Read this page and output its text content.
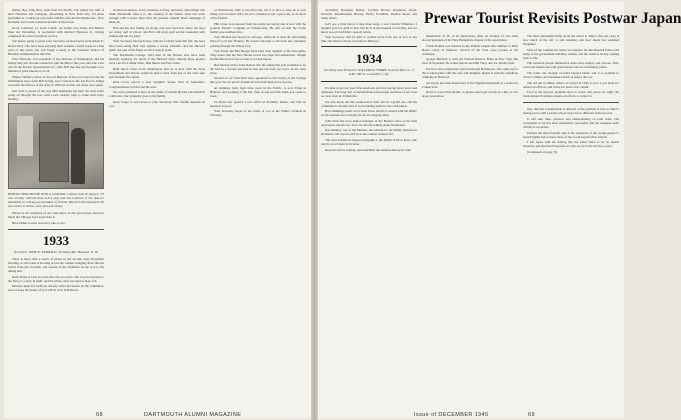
family, Bos, Fing Rice, both from the Pacific, late joined the staff of Kurt Newman and Company, advertising in New York City. Ed Allen (erstwhile Lt. Comdr.) is now back with his wife and Ski Bennet Inc., New Rochelle, and on his Connecticut farm in Newtown.

Kerry Connonal, Lt. Kent Comdr., Al Saddy, Lee Arlen, and Heinzy Mak last December, is reoriented with Richard Harrison Jr., having completed six years in military service.

Just before going to press your Secretary received news from Albert E. Royal Navy who have been enjoying their wartime coastal scene in a fine yarn of this leave. He will begin a study at the Graduate School of Business Administration this Fall.

Fred Vanstone, vice president of the Institute of Washington, and his family may just become connected with the Mirror this year, and who soon will be the Boston representative of a fine firm that has just brought out a bulletin of great interest to us all.

Whitey Wilder's retrial of the old Hanover School in Concord and the Washington news from Bill Spring, now Captain in the Air Forces, brings word that the fellows of the class of 1930 are at their old tricks once again.

Our class is proud of the way Milt Kaminsky has kept the class letter going all through the war, with a new address page to come with every mailing.

BEHOLD THAT HOUSE NOW A CIVILIAN: Colonel John W. Spencer '33 was recently relieved from active duty and has returned to the Spencer plantation in Chicago as president of Scheme Research Incorporated. He now writes to Arline, sons Jack and Jimmy.

Please let the members of our class know of this good news, and how much the Chicago boys appreciate it.

Best wishes to each and every one of you.

1933
Secretary, JOHN E. FERNALD, 40 Valley Rd., Hanover, N. H.

There is more than a touch of winter in the air this crisp November morning. A cold wind is blowing across the campus bringing down the last leaves from the old elms, and squeals of the freshmen on the way to the dining hall.

Rudy Klaus is back in town after the war years. The way he returned to the Navy is a story in itself, and the whole class was glad to hear of it.

Reunion plans for 1948 are already under discussion by the committee, and we hope that many of you will be back in Hanover.

civilian excellence, every executive activity, and more often things that make Dartmouth what it is: the opening of the Winter Term last week brought with it more signs than the greatest Alumni Fund campaign of them all.

Bob and his new family are living over near Norwich, where the boys are doing well at school, and Bob still plays golf on the weekends with Judson and the old gang.

Your Secretary has been busy with the football team this fall; the boys have been doing their best against a strong schedule, and the Harvard game was one of the finest we have seen in years.

The Dartmouth College 1933 men in the Boston area have been meeting regularly for lunch at the Harvard Club. Among those present were Len Ford, Hank Elliot, Bud Morse and Pete Grant.

Ham Wood writes from Washington that he is now with the State Department and that he would be glad to hear from any of the class who pass through the capital.

Dick Lucas reports a new daughter, Susan, born in September. Congratulations to Dick and his wife.

We were saddened to hear of the death of Charlie Brooks last month in California. Our sympathy goes to his family.

Don't forget to send news to your Secretary; this column depends on you.

of Westchester. This is the third son, but it is nice to hear he is now doing well at school. After all, he's a Democrat and a good one, as are most of his friends.

Phil Crane was released from the Army last spring and is now with the General Electric Company in Schenectady. He tells us that the Crane family now numbers five.

Tom Sheldon has moved to Chicago, where he is with the advertising firm of Lord and Thomas. He would welcome a call from any classmate passing through the Windy City.

Jack Ferris and Bill Hooper have been seen together at the Yale game. They report that the New Haven crowd was large and enthusiastic, though Dartmouth did not fare as well as we had hoped.

Bud Norton writes from Denver that the skiing this year promises to be the best in a decade and that he has already been out twice on the early snow.

Several of our class have been appointed to the faculty of the College this year. We are proud of them all and wish them every success.

Al Jennings, back from three years in the Pacific, is now living in Hanover and working at the Inn. Stop in and see him when you come to town.

Ed Rowe has opened a law office in Portland, Maine, and tells us business is good.

Your Secretary hopes to see many of you at the Winter Carnival in February.

68	DARTMOUTH ALUMNI MAGAZINE

Secondary Bowman, Barber, Leyland Brown, Raymond, Wood, Norwich, Moulderbush, Harvey, Wolfe, Froehlich, Thomas Rowe, and many others.

Let's see a little before I take three steps. I saw Lincoln Whitmore. I thought you'd be glad to hear that he is in the hospital recovering, and we know you all wish him a speedy return.

Your Secretary will be glad to receive news from any of you at any time; the mail is always welcome in Hanover.

1934
Secretary and Treasurer, WILLIAM A. FERRY, General Box Co., 5 A.M. 100 St., Louisville 1, Ky.

It's time to get out your little notebook and start jotting down news and addresses. The long trail of demobilization has begun and most of our class are now back in civilian life.

We now know that the reunion next June will be a grand one, and the committee is already hard at work making plans for the celebration.

Hal Cummings sends word from Texas that he is settled with his family in San Antonio and working for an oil company there.

John Fitch has been named manager of the Boston office of his firm and reports that his two boys are already talking about Dartmouth.

Pete Mallory, late of the Marines, has returned to the family business in Rochester and says he will be at the reunion without fail.

The class extends its deepest sympathy to the family of Dave Ross, who died in an accident in October.

Keep the letters coming, and remember the reunion dates next June.

Meanwhile, N. H., at an anniversary affair on October 15, has been elected president of the New Hampshire chapter of the association.

Frank Perkins was married in the Rollins Chapel this summer to Miss Helen Carter of Hanover. Several of the class were present at the ceremony.

George Baldwin is with the Federal Reserve Bank in New York and lives in Scarsdale. He writes that he sees Bill Tracy and Joe Marsh often.

We had a most enjoyable visit from Ralph Henderson, who came up for the Cornell game with his wife and daughter. Ralph is with the telephone company in Hartford.

Art Doyle has been made head of the English department at a school in Connecticut.

News is scarce this month, so please send your Secretary a line or two about yourselves.

Prewar Tourist Revisits Postwar Japan

The most remarkable thing about the return to Tokyo after ten years is how much of the city is still standing, and how much has vanished altogether.

Most of the commercial center was burned, but the Imperial Palace and many of the government buildings remain, and the Ginza is slowly coming back to life.

The Japanese people themselves seem tired, hungry and curious. They watch the Americans with great interest and are unfailingly polite.

The trains run, though crowded beyond belief, and it is possible to travel to Nikko and Kamakura much as before the war.

The old inn at Nikko, where we stayed in 1935, is now a rest hotel for American officers, and it has lost none of its charm.

Food is the greatest problem. Rice is scarce and prices are high; the black market flourishes despite all efforts to control it.

One, this last consideration is directed at the problem of how to build a lasting peace with a people whose ways are so different from our own.

It will take time, patience and understanding on both sides. The occupation so far has been remarkably successful, and the Japanese seem willing to cooperate.

Perhaps the most hopeful sign is the eagerness of the young people to learn English and to know more of the world beyond their islands.

I left Japan with the feeling that the future there is by no means hopeless, and that much depends on what we do in the next few years.

(Continued on page 72)

Issue of DECEMBER 1945	69
